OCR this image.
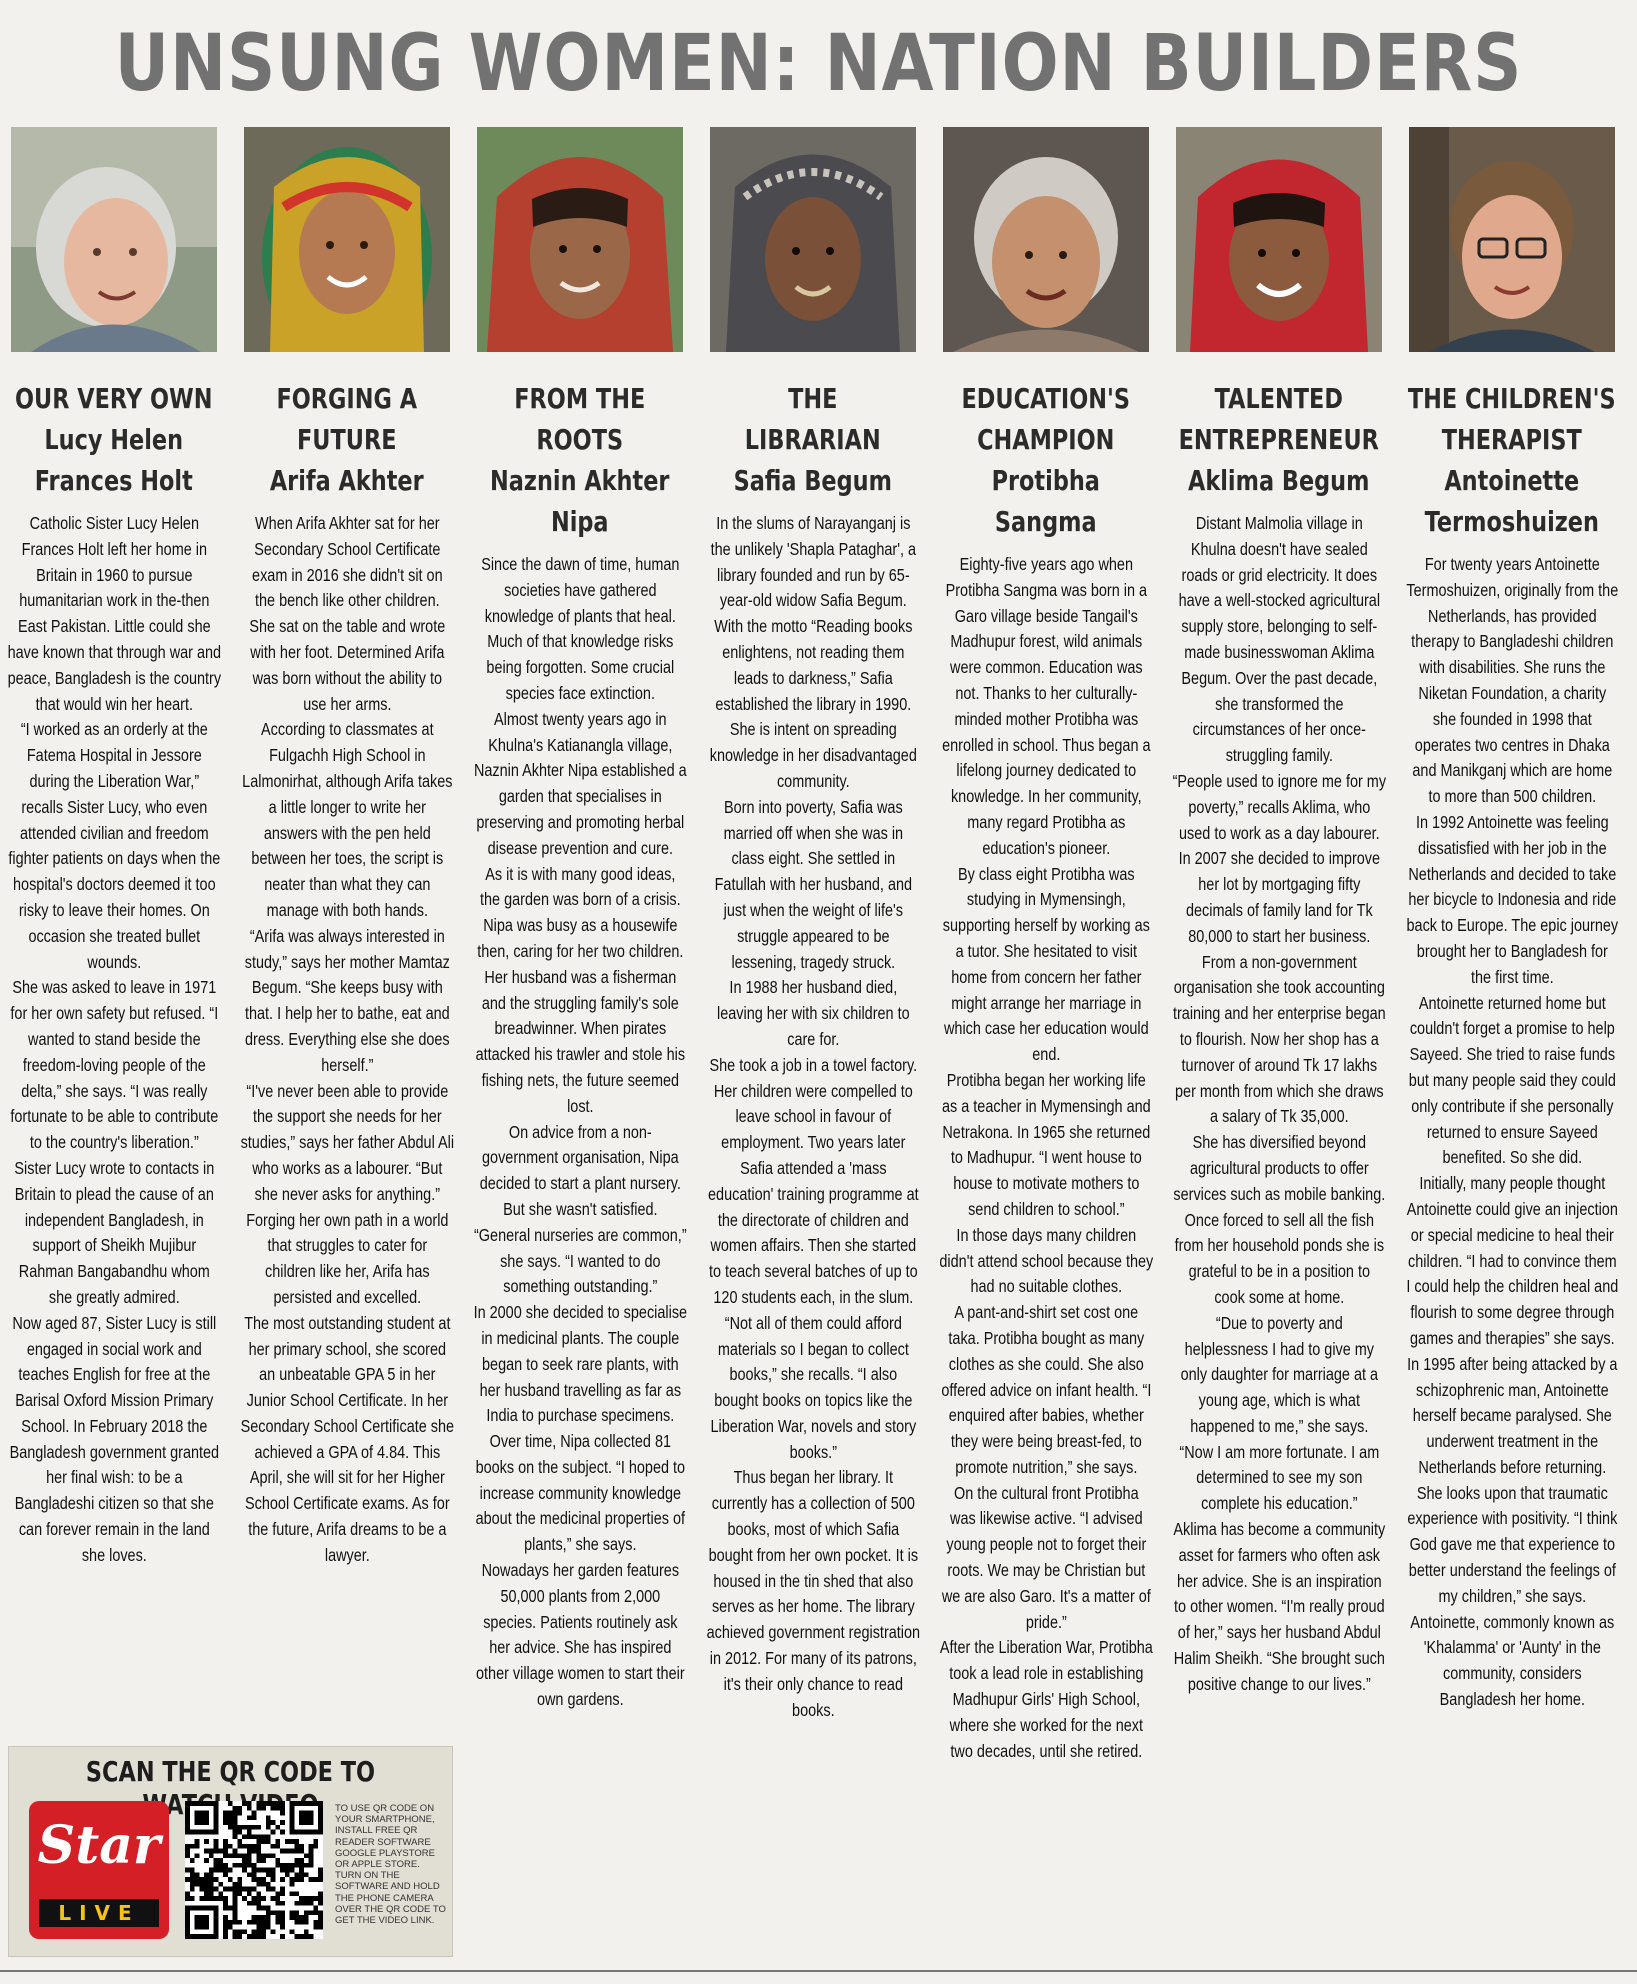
UNSUNG WOMEN: NATION BUILDERS
OUR VERY OWN
Lucy Helen
Frances Holt

Catholic Sister Lucy Helen Frances Holt left her home in Britain in 1960 to pursue humanitarian work in the-then East Pakistan. Little could she have known that through war and peace, Bangladesh is the country that would win her heart.

“I worked as an orderly at the Fatema Hospital in Jessore during the Liberation War,” recalls Sister Lucy, who even attended civilian and freedom fighter patients on days when the hospital's doctors deemed it too risky to leave their homes. On occasion she treated bullet wounds.

She was asked to leave in 1971 for her own safety but refused. “I wanted to stand beside the freedom-loving people of the delta,” she says. “I was really fortunate to be able to contribute to the country's liberation.”

Sister Lucy wrote to contacts in Britain to plead the cause of an independent Bangladesh, in support of Sheikh Mujibur Rahman Bangabandhu whom she greatly admired.

Now aged 87, Sister Lucy is still engaged in social work and teaches English for free at the Barisal Oxford Mission Primary School. In February 2018 the Bangladesh government granted her final wish: to be a Bangladeshi citizen so that she can forever remain in the land she loves.

FORGING A
FUTURE
Arifa Akhter

When Arifa Akhter sat for her Secondary School Certificate exam in 2016 she didn't sit on the bench like other children. She sat on the table and wrote with her foot. Determined Arifa was born without the ability to use her arms.

According to classmates at Fulgachh High School in Lalmonirhat, although Arifa takes a little longer to write her answers with the pen held between her toes, the script is neater than what they can manage with both hands.

“Arifa was always interested in study,” says her mother Mamtaz Begum. “She keeps busy with that. I help her to bathe, eat and dress. Everything else she does herself.”

“I've never been able to provide the support she needs for her studies,” says her father Abdul Ali who works as a labourer. “But she never asks for anything.”

Forging her own path in a world that struggles to cater for children like her, Arifa has persisted and excelled.

The most outstanding student at her primary school, she scored an unbeatable GPA 5 in her Junior School Certificate. In her Secondary School Certificate she achieved a GPA of 4.84. This April, she will sit for her Higher School Certificate exams. As for the future, Arifa dreams to be a lawyer.

FROM THE
ROOTS
Naznin Akhter
Nipa

Since the dawn of time, human societies have gathered knowledge of plants that heal. Much of that knowledge risks being forgotten. Some crucial species face extinction.

Almost twenty years ago in Khulna's Katianangla village, Naznin Akhter Nipa established a garden that specialises in preserving and promoting herbal disease prevention and cure.

As it is with many good ideas, the garden was born of a crisis. Nipa was busy as a housewife then, caring for her two children. Her husband was a fisherman and the struggling family's sole breadwinner. When pirates attacked his trawler and stole his fishing nets, the future seemed lost.

On advice from a non-government organisation, Nipa decided to start a plant nursery. But she wasn't satisfied. “General nurseries are common,” she says. “I wanted to do something outstanding.”

In 2000 she decided to specialise in medicinal plants. The couple began to seek rare plants, with her husband travelling as far as India to purchase specimens. Over time, Nipa collected 81 books on the subject. “I hoped to increase community knowledge about the medicinal properties of plants,” she says.

Nowadays her garden features 50,000 plants from 2,000 species. Patients routinely ask her advice. She has inspired other village women to start their own gardens.

THE
LIBRARIAN
Safia Begum

In the slums of Narayanganj is the unlikely 'Shapla Pataghar', a library founded and run by 65-year-old widow Safia Begum. With the motto “Reading books enlightens, not reading them leads to darkness,” Safia established the library in 1990. She is intent on spreading knowledge in her disadvantaged community.

Born into poverty, Safia was married off when she was in class eight. She settled in Fatullah with her husband, and just when the weight of life's struggle appeared to be lessening, tragedy struck.

In 1988 her husband died, leaving her with six children to care for.

She took a job in a towel factory. Her children were compelled to leave school in favour of employment. Two years later Safia attended a 'mass education' training programme at the directorate of children and women affairs. Then she started to teach several batches of up to 120 students each, in the slum.

“Not all of them could afford materials so I began to collect books,” she recalls. “I also bought books on topics like the Liberation War, novels and story books.”

Thus began her library. It currently has a collection of 500 books, most of which Safia bought from her own pocket. It is housed in the tin shed that also serves as her home. The library achieved government registration in 2012. For many of its patrons, it's their only chance to read books.

EDUCATION'S
CHAMPION
Protibha
Sangma

Eighty-five years ago when Protibha Sangma was born in a Garo village beside Tangail's Madhupur forest, wild animals were common. Education was not. Thanks to her culturally-minded mother Protibha was enrolled in school. Thus began a lifelong journey dedicated to knowledge. In her community, many regard Protibha as education's pioneer.

By class eight Protibha was studying in Mymensingh, supporting herself by working as a tutor. She hesitated to visit home from concern her father might arrange her marriage in which case her education would end.

Protibha began her working life as a teacher in Mymensingh and Netrakona. In 1965 she returned to Madhupur. “I went house to house to motivate mothers to send children to school.”

In those days many children didn't attend school because they had no suitable clothes.

A pant-and-shirt set cost one taka. Protibha bought as many clothes as she could. She also offered advice on infant health. “I enquired after babies, whether they were being breast-fed, to promote nutrition,” she says.

On the cultural front Protibha was likewise active. “I advised young people not to forget their roots. We may be Christian but we are also Garo. It's a matter of pride.”

After the Liberation War, Protibha took a lead role in establishing Madhupur Girls' High School, where she worked for the next two decades, until she retired.

TALENTED
ENTREPRENEUR
Aklima Begum

Distant Malmolia village in Khulna doesn't have sealed roads or grid electricity. It does have a well-stocked agricultural supply store, belonging to self-made businesswoman Aklima Begum. Over the past decade, she transformed the circumstances of her once-struggling family.

“People used to ignore me for my poverty,” recalls Aklima, who used to work as a day labourer. In 2007 she decided to improve her lot by mortgaging fifty decimals of family land for Tk 80,000 to start her business.

From a non-government organisation she took accounting training and her enterprise began to flourish. Now her shop has a turnover of around Tk 17 lakhs per month from which she draws a salary of Tk 35,000.

She has diversified beyond agricultural products to offer services such as mobile banking. Once forced to sell all the fish from her household ponds she is grateful to be in a position to cook some at home.

“Due to poverty and helplessness I had to give my only daughter for marriage at a young age, which is what happened to me,” she says. “Now I am more fortunate. I am determined to see my son complete his education.”

Aklima has become a community asset for farmers who often ask her advice. She is an inspiration to other women. “I'm really proud of her,” says her husband Abdul Halim Sheikh. “She brought such positive change to our lives.”

THE CHILDREN'S
THERAPIST
Antoinette
Termoshuizen

For twenty years Antoinette Termoshuizen, originally from the Netherlands, has provided therapy to Bangladeshi children with disabilities. She runs the Niketan Foundation, a charity she founded in 1998 that operates two centres in Dhaka and Manikganj which are home to more than 500 children.

In 1992 Antoinette was feeling dissatisfied with her job in the Netherlands and decided to take her bicycle to Indonesia and ride back to Europe. The epic journey brought her to Bangladesh for the first time.

Antoinette returned home but couldn't forget a promise to help Sayeed. She tried to raise funds but many people said they could only contribute if she personally returned to ensure Sayeed benefited. So she did.

Initially, many people thought Antoinette could give an injection or special medicine to heal their children. “I had to convince them I could help the children heal and flourish to some degree through games and therapies” she says.

In 1995 after being attacked by a schizophrenic man, Antoinette herself became paralysed. She underwent treatment in the Netherlands before returning. She looks upon that traumatic experience with positivity. “I think God gave me that experience to better understand the feelings of my children,” she says.

Antoinette, commonly known as 'Khalamma' or 'Aunty' in the community, considers Bangladesh her home.

SCAN THE QR CODE TO
Star
LIVE
TO USE QR CODE ON YOUR SMARTPHONE, INSTALL FREE QR READER SOFTWARE GOOGLE PLAYSTORE OR APPLE STORE. TURN ON THE SOFTWARE AND HOLD THE PHONE CAMERA OVER THE QR CODE TO GET THE VIDEO LINK.
